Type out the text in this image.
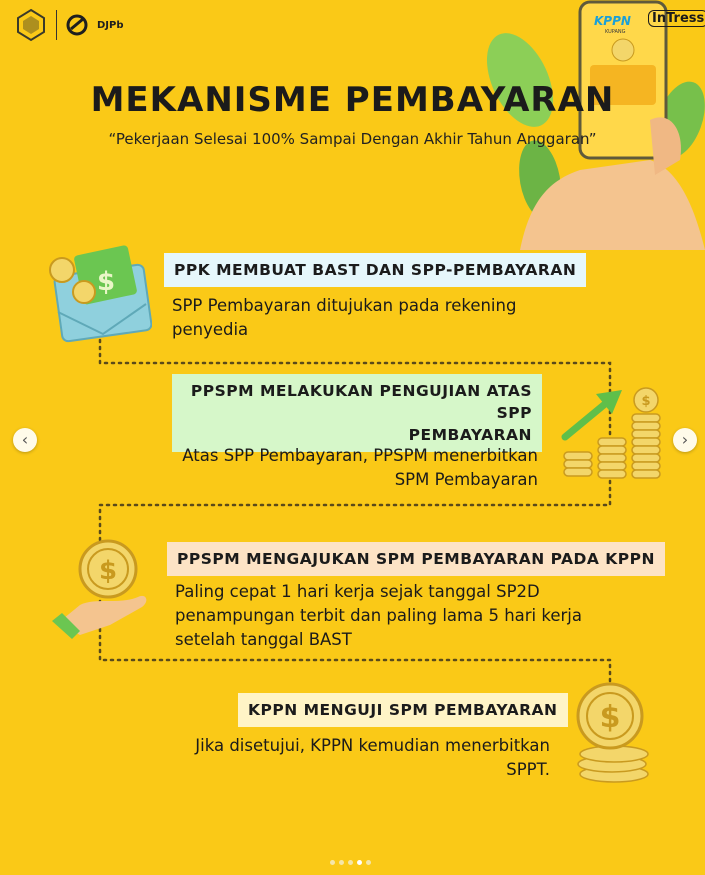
DJPb	KPPN
KUPANG
InTress
MEKANISME PEMBAYARAN

“Pekerjaan Selesai 100% Sampai Dengan Akhir Tahun Anggaran”

$	PPK MEMBUAT BAST DAN SPP-PEMBAYARAN
SPP Pembayaran ditujukan pada rekening
penyedia
PPSPM MELAKUKAN PENGUJIAN ATAS SPP
PEMBAYARAN
Atas SPP Pembayaran, PPSPM menerbitkan
SPM Pembayaran
$
$	PPSPM MENGAJUKAN SPM PEMBAYARAN PADA KPPN
Paling cepat 1 hari kerja sejak tanggal SP2D
penampungan terbit dan paling lama 5 hari kerja
setelah tanggal BAST
KPPN MENGUJI SPM PEMBAYARAN
Jika disetujui, KPPN kemudian menerbitkan
SPPT.
$
‹	›
